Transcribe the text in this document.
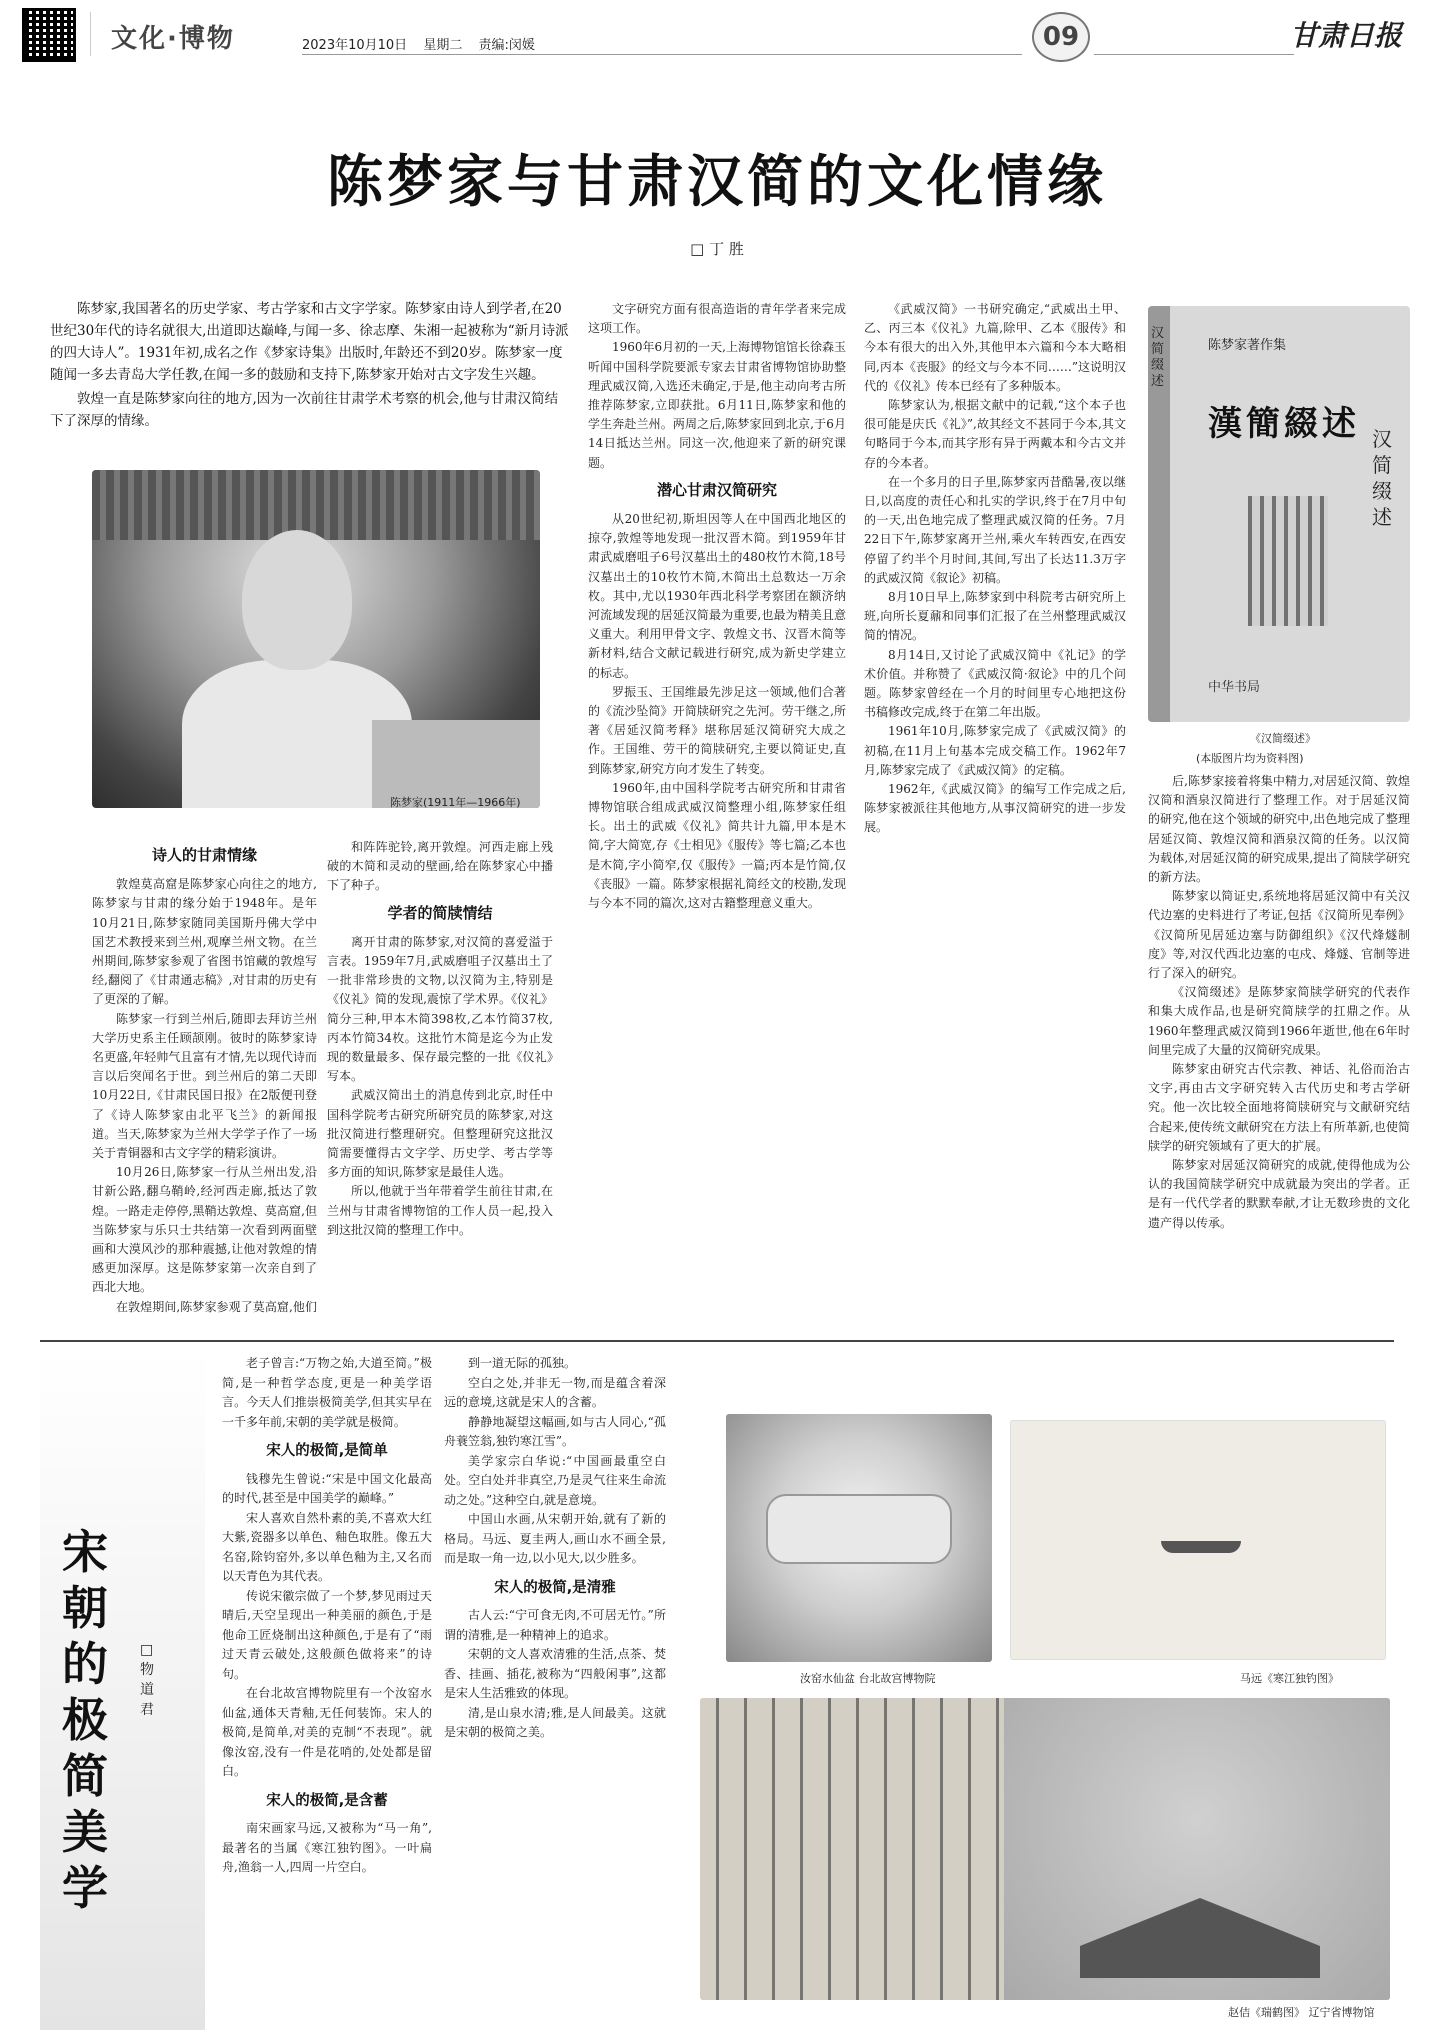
文化·博物	2023年10月10日 星期二 责编:闵媛	09	甘肃日报
陈梦家与甘肃汉简的文化情缘
□ 丁 胜

陈梦家,我国著名的历史学家、考古学家和古文字学家。陈梦家由诗人到学者,在20世纪30年代的诗名就很大,出道即达巅峰,与闻一多、徐志摩、朱湘一起被称为“新月诗派的四大诗人”。1931年初,成名之作《梦家诗集》出版时,年龄还不到20岁。陈梦家一度随闻一多去青岛大学任教,在闻一多的鼓励和支持下,陈梦家开始对古文字发生兴趣。

敦煌一直是陈梦家向往的地方,因为一次前往甘肃学术考察的机会,他与甘肃汉简结下了深厚的情缘。

陈梦家(1911年—1966年)
诗人的甘肃情缘

敦煌莫高窟是陈梦家心向往之的地方,陈梦家与甘肃的缘分始于1948年。是年10月21日,陈梦家随同美国斯丹佛大学中国艺术教授来到兰州,观摩兰州文物。在兰州期间,陈梦家参观了省图书馆藏的敦煌写经,翻阅了《甘肃通志稿》,对甘肃的历史有了更深的了解。

陈梦家一行到兰州后,随即去拜访兰州大学历史系主任顾颉刚。彼时的陈梦家诗名更盛,年轻帅气且富有才情,先以现代诗而言以后突闻名于世。到兰州后的第二天即10月22日,《甘肃民国日报》在2版便刊登了《诗人陈梦家由北平飞兰》的新闻报道。当天,陈梦家为兰州大学学子作了一场关于青铜器和古文字学的精彩演讲。

10月26日,陈梦家一行从兰州出发,沿甘新公路,翻乌鞘岭,经河西走廊,抵达了敦煌。一路走走停停,黑鞘达敦煌、莫高窟,但当陈梦家与乐只士共结第一次看到两面壁画和大漠风沙的那种震撼,让他对敦煌的情感更加深厚。这是陈梦家第一次亲自到了西北大地。

在敦煌期间,陈梦家参观了莫高窟,他们

和阵阵驼铃,离开敦煌。河西走廊上残破的木简和灵动的壁画,给在陈梦家心中播下了种子。

学者的简牍情结

离开甘肃的陈梦家,对汉简的喜爱溢于言表。1959年7月,武威磨咀子汉墓出土了一批非常珍贵的文物,以汉简为主,特别是《仪礼》简的发现,震惊了学术界。《仪礼》简分三种,甲本木简398枚,乙本竹简37枚,丙本竹简34枚。这批竹木简是迄今为止发现的数量最多、保存最完整的一批《仪礼》写本。

武威汉简出土的消息传到北京,时任中国科学院考古研究所研究员的陈梦家,对这批汉简进行整理研究。但整理研究这批汉简需要懂得古文字学、历史学、考古学等多方面的知识,陈梦家是最佳人选。

所以,他就于当年带着学生前往甘肃,在兰州与甘肃省博物馆的工作人员一起,投入到这批汉简的整理工作中。

文字研究方面有很高造诣的青年学者来完成这项工作。

1960年6月初的一天,上海博物馆馆长徐森玉听闻中国科学院要派专家去甘肃省博物馆协助整理武威汉简,入选还未确定,于是,他主动向考古所推荐陈梦家,立即获批。6月11日,陈梦家和他的学生奔赴兰州。两周之后,陈梦家回到北京,于6月14日抵达兰州。同这一次,他迎来了新的研究课题。

潜心甘肃汉简研究

从20世纪初,斯坦因等人在中国西北地区的掠夺,敦煌等地发现一批汉晋木简。到1959年甘肃武威磨咀子6号汉墓出土的480枚竹木简,18号汉墓出土的10枚竹木简,木简出土总数达一万余枚。其中,尤以1930年西北科学考察团在额济纳河流域发现的居延汉简最为重要,也最为精美且意义重大。利用甲骨文字、敦煌文书、汉晋木简等新材料,结合文献记载进行研究,成为新史学建立的标志。

罗振玉、王国维最先涉足这一领域,他们合著的《流沙坠简》开简牍研究之先河。劳干继之,所著《居延汉简考释》堪称居延汉简研究大成之作。王国维、劳干的简牍研究,主要以简证史,直到陈梦家,研究方向才发生了转变。

1960年,由中国科学院考古研究所和甘肃省博物馆联合组成武威汉简整理小组,陈梦家任组长。出土的武威《仪礼》简共计九篇,甲本是木简,字大简宽,存《士相见》《服传》等七篇;乙本也是木简,字小简窄,仅《服传》一篇;丙本是竹简,仅《丧服》一篇。陈梦家根据礼简经文的校勘,发现与今本不同的篇次,这对古籍整理意义重大。

《武威汉简》一书研究确定,“武威出土甲、乙、丙三本《仪礼》九篇,除甲、乙本《服传》和今本有很大的出入外,其他甲本六篇和今本大略相同,丙本《丧服》的经文与今本不同……”这说明汉代的《仪礼》传本已经有了多种版本。

陈梦家认为,根据文献中的记载,“这个本子也很可能是庆氏《礼》”,故其经文不甚同于今本,其文句略同于今本,而其字形有异于两戴本和今古文并存的今本者。

在一个多月的日子里,陈梦家丙昔酷暑,夜以继日,以高度的责任心和扎实的学识,终于在7月中旬的一天,出色地完成了整理武威汉简的任务。7月22日下午,陈梦家离开兰州,乘火车转西安,在西安停留了约半个月时间,其间,写出了长达11.3万字的武威汉简《叙论》初稿。

8月10日早上,陈梦家到中科院考古研究所上班,向所长夏鼐和同事们汇报了在兰州整理武威汉简的情况。

8月14日,又讨论了武威汉简中《礼记》的学术价值。并称赞了《武威汉简·叙论》中的几个问题。陈梦家曾经在一个月的时间里专心地把这份书稿修改完成,终于在第二年出版。

1961年10月,陈梦家完成了《武威汉简》的初稿,在11月上旬基本完成交稿工作。1962年7月,陈梦家完成了《武威汉简》的定稿。

1962年,《武威汉简》的编写工作完成之后,陈梦家被派往其他地方,从事汉简研究的进一步发展。

汉简缀述
陈梦家著作集
漢簡綴述 汉简缀述
中华书局
《汉简缀述》
(本版图片均为资料图)

后,陈梦家接着将集中精力,对居延汉简、敦煌汉简和酒泉汉简进行了整理工作。对于居延汉简的研究,他在这个领域的研究中,出色地完成了整理居延汉简、敦煌汉简和酒泉汉简的任务。以汉简为载体,对居延汉简的研究成果,提出了简牍学研究的新方法。

陈梦家以简证史,系统地将居延汉简中有关汉代边塞的史料进行了考证,包括《汉简所见奉例》《汉简所见居延边塞与防御组织》《汉代烽燧制度》等,对汉代西北边塞的屯戍、烽燧、官制等进行了深入的研究。

《汉简缀述》是陈梦家简牍学研究的代表作和集大成作品,也是研究简牍学的扛鼎之作。从1960年整理武威汉简到1966年逝世,他在6年时间里完成了大量的汉简研究成果。

陈梦家由研究古代宗教、神话、礼俗而治古文字,再由古文字研究转入古代历史和考古学研究。他一次比较全面地将简牍研究与文献研究结合起来,使传统文献研究在方法上有所革新,也使简牍学的研究领域有了更大的扩展。

陈梦家对居延汉简研究的成就,使得他成为公认的我国简牍学研究中成就最为突出的学者。正是有一代代学者的默默奉献,才让无数珍贵的文化遗产得以传承。

宋朝的极简美学
□物道君

老子曾言:“万物之始,大道至简。”极简,是一种哲学态度,更是一种美学语言。今天人们推崇极简美学,但其实早在一千多年前,宋朝的美学就是极简。

宋人的极简,是简单

钱穆先生曾说:“宋是中国文化最高的时代,甚至是中国美学的巅峰。”

宋人喜欢自然朴素的美,不喜欢大红大紫,瓷器多以单色、釉色取胜。像五大名窑,除钧窑外,多以单色釉为主,又名而以天青色为其代表。

传说宋徽宗做了一个梦,梦见雨过天晴后,天空呈现出一种美丽的颜色,于是他命工匠烧制出这种颜色,于是有了“雨过天青云破处,这般颜色做将来”的诗句。

在台北故宫博物院里有一个汝窑水仙盆,通体天青釉,无任何装饰。宋人的极简,是简单,对美的克制“不表现”。就像汝窑,没有一件是花哨的,处处都是留白。

宋人的极简,是含蓄

南宋画家马远,又被称为“马一角”,最著名的当属《寒江独钓图》。一叶扁舟,渔翁一人,四周一片空白。

到一道无际的孤独。

空白之处,并非无一物,而是蕴含着深远的意境,这就是宋人的含蓄。

静静地凝望这幅画,如与古人同心,“孤舟蓑笠翁,独钓寒江雪”。

美学家宗白华说:“中国画最重空白处。空白处并非真空,乃是灵气往来生命流动之处。”这种空白,就是意境。

中国山水画,从宋朝开始,就有了新的格局。马远、夏圭两人,画山水不画全景,而是取一角一边,以小见大,以少胜多。

宋人的极简,是清雅

古人云:“宁可食无肉,不可居无竹。”所谓的清雅,是一种精神上的追求。

宋朝的文人喜欢清雅的生活,点茶、焚香、挂画、插花,被称为“四般闲事”,这都是宋人生活雅致的体现。

清,是山泉水清;雅,是人间最美。这就是宋朝的极简之美。

汝窑水仙盆 台北故宫博物院	马远《寒江独钓图》
赵佶《瑞鹤图》 辽宁省博物馆
